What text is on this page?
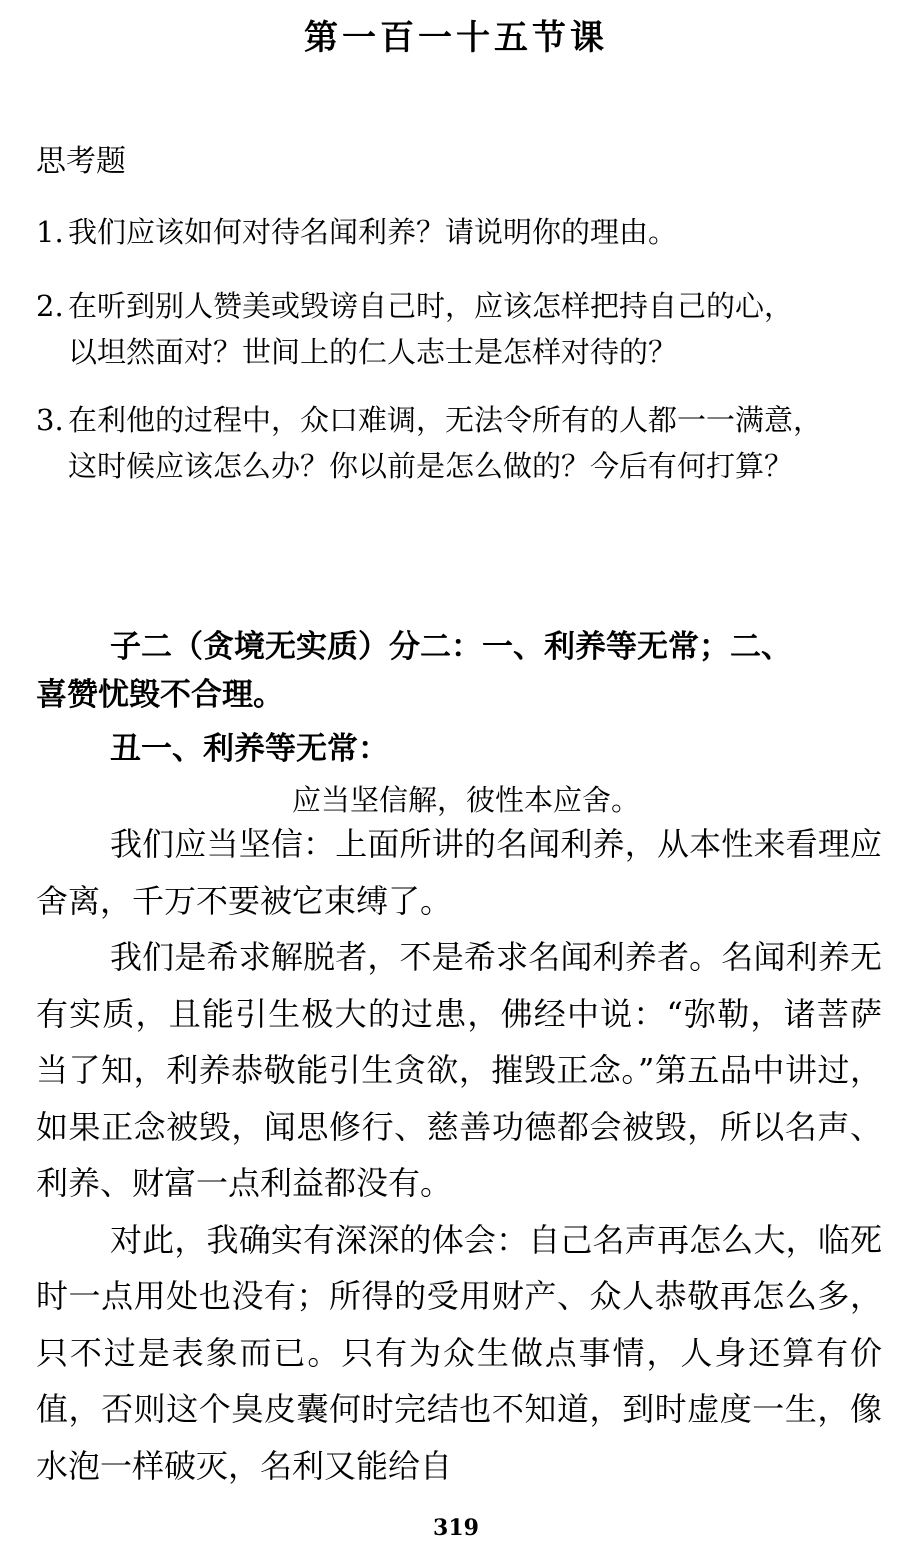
第一百一十五节课
思考题
1. 我们应该如何对待名闻利养？请说明你的理由。
2. 在听到别人赞美或毁谤自己时，应该怎样把持自己的心，
以坦然面对？世间上的仁人志士是怎样对待的？
3. 在利他的过程中，众口难调，无法令所有的人都一一满意，
这时候应该怎么办？你以前是怎么做的？今后有何打算？
子二（贪境无实质）分二：一、利养等无常；二、
喜赞忧毁不合理。
丑一、利养等无常：
应当坚信解，彼性本应舍。

我们应当坚信：上面所讲的名闻利养，从本性来看理应舍离，千万不要被它束缚了。

我们是希求解脱者，不是希求名闻利养者。名闻利养无有实质，且能引生极大的过患，佛经中说：“弥勒，诸菩萨当了知，利养恭敬能引生贪欲，摧毁正念。”第五品中讲过，如果正念被毁，闻思修行、慈善功德都会被毁，所以名声、利养、财富一点利益都没有。

对此，我确实有深深的体会：自己名声再怎么大，临死时一点用处也没有；所得的受用财产、众人恭敬再怎么多，只不过是表象而已。只有为众生做点事情，人身还算有价值，否则这个臭皮囊何时完结也不知道，到时虚度一生，像水泡一样破灭，名利又能给自

319
